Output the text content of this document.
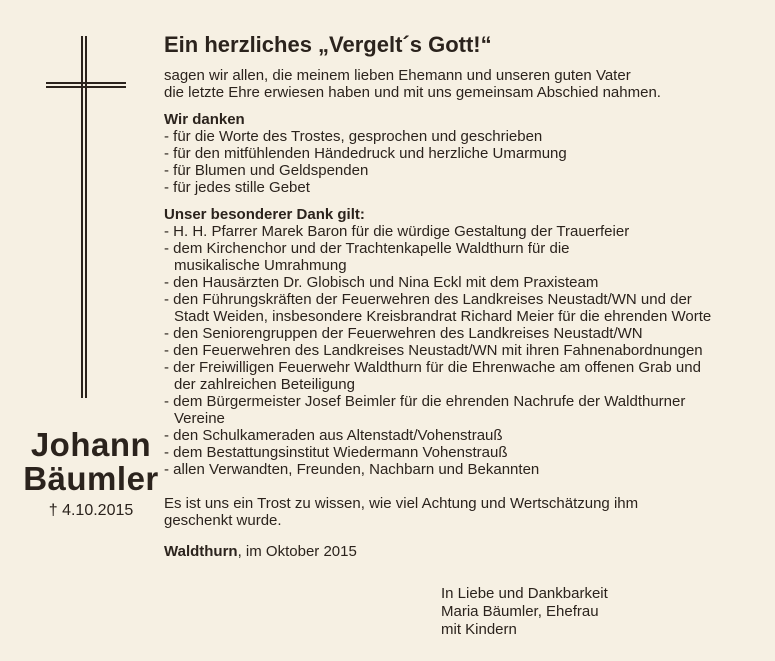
Johann
Bäumler
† 4.10.2015
Ein herzliches „Vergelt´s Gott!“

sagen wir allen, die meinem lieben Ehemann und unseren guten Vater

die letzte Ehre erwiesen haben und mit uns gemeinsam Abschied nahmen.

Wir danken
- für die Worte des Trostes, gesprochen und geschrieben
- für den mitfühlenden Händedruck und herzliche Umarmung
- für Blumen und Geldspenden
- für jedes stille Gebet
Unser besonderer Dank gilt:
- H. H. Pfarrer Marek Baron für die würdige Gestaltung der Trauerfeier
- dem Kirchenchor und der Trachtenkapelle Waldthurn für die musikalische Umrahmung
- den Hausärzten Dr. Globisch und Nina Eckl mit dem Praxisteam
- den Führungskräften der Feuerwehren des Landkreises Neustadt/WN und der Stadt Weiden, insbesondere Kreisbrandrat Richard Meier für die ehrenden Worte
- den Seniorengruppen der Feuerwehren des Landkreises Neustadt/WN
- den Feuerwehren des Landkreises Neustadt/WN mit ihren Fahnenabordnungen
- der Freiwilligen Feuerwehr Waldthurn für die Ehrenwache am offenen Grab und der zahlreichen Beteiligung
- dem Bürgermeister Josef Beimler für die ehrenden Nachrufe der Waldthurner Vereine
- den Schulkameraden aus Altenstadt/Vohenstrauß
- dem Bestattungsinstitut Wiedermann Vohenstrauß
- allen Verwandten, Freunden, Nachbarn und Bekannten

Es ist uns ein Trost zu wissen, wie viel Achtung und Wertschätzung ihm

geschenkt wurde.

Waldthurn, im Oktober 2015
In Liebe und Dankbarkeit
Maria Bäumler, Ehefrau
mit Kindern
